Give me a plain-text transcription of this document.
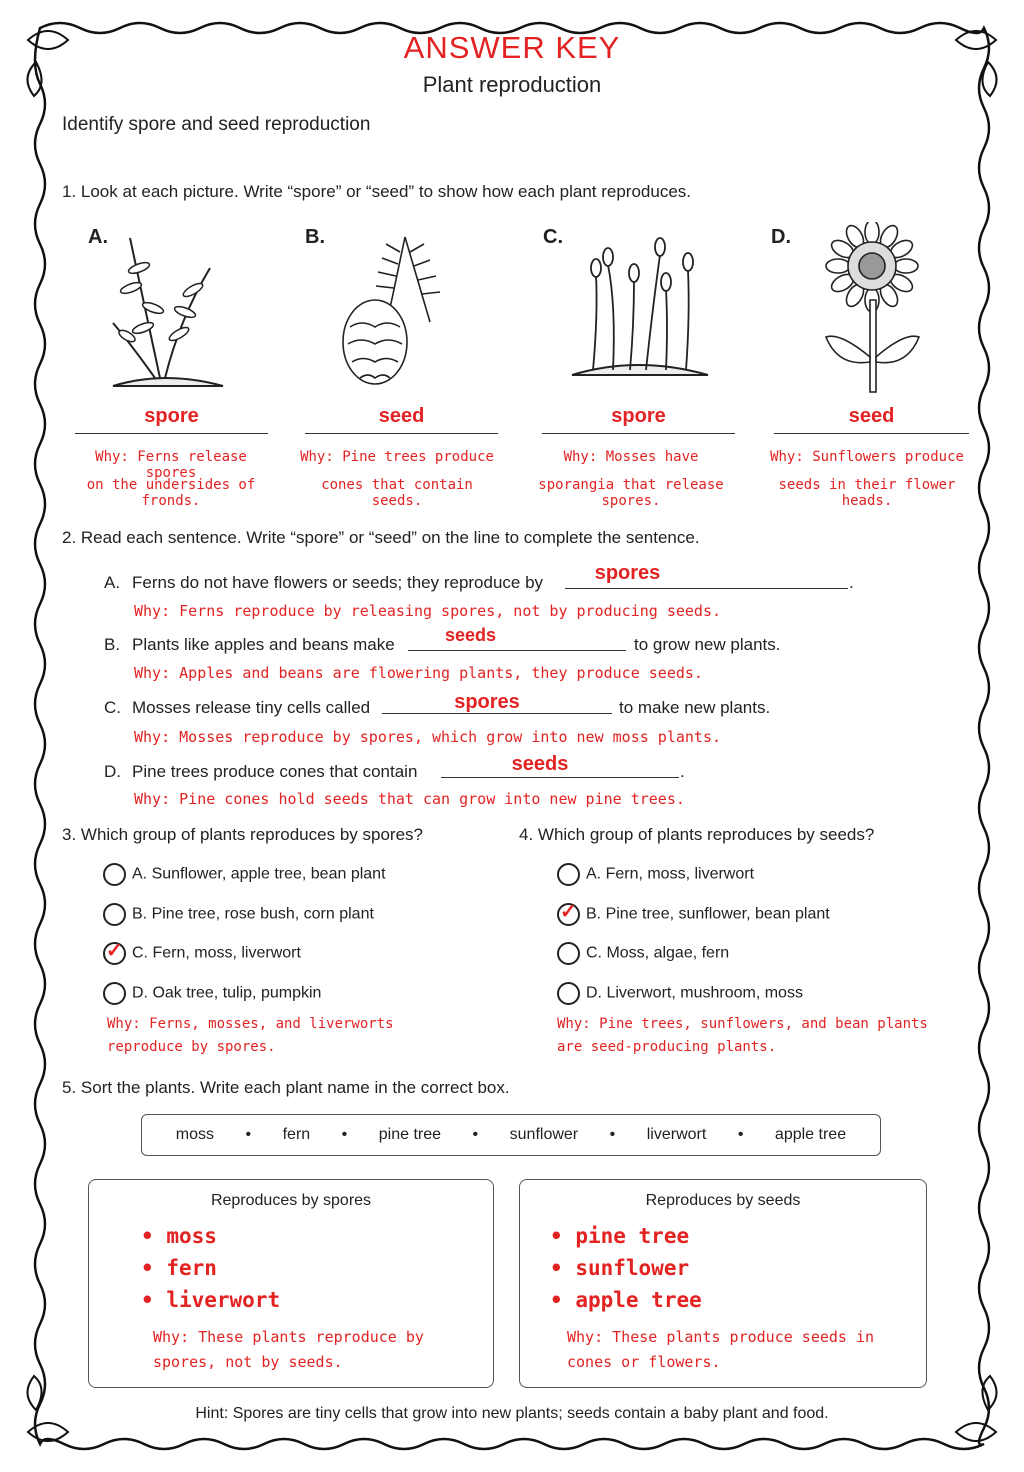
ANSWER KEY
Plant reproduction
Identify spore and seed reproduction
1. Look at each picture. Write “spore” or “seed” to show how each plant reproduces.
A.
spore
Why: Ferns release spores
on the undersides of fronds.
B.
seed
Why: Pine trees produce
cones that contain seeds.
C.
spore
Why: Mosses have
sporangia that release spores.
D.
seed
Why: Sunflowers produce
seeds in their flower heads.
2. Read each sentence. Write “spore” or “seed” on the line to complete the sentence.
A. Ferns do not have flowers or seeds; they reproduce by	spores	.
Why: Ferns reproduce by releasing spores, not by producing seeds.
B. Plants like apples and beans make	seeds	to grow new plants.
Why: Apples and beans are flowering plants, they produce seeds.
C. Mosses release tiny cells called	spores	to make new plants.
Why: Mosses reproduce by spores, which grow into new moss plants.
D. Pine trees produce cones that contain	seeds	.
Why: Pine cones hold seeds that can grow into new pine trees.
3. Which group of plants reproduces by spores?
A. Sunflower, apple tree, bean plant
B. Pine tree, rose bush, corn plant
✓ C. Fern, moss, liverwort
D. Oak tree, tulip, pumpkin
Why: Ferns, mosses, and liverworts
reproduce by spores.
4. Which group of plants reproduces by seeds?
A. Fern, moss, liverwort
✓ B. Pine tree, sunflower, bean plant
C. Moss, algae, fern
D. Liverwort, mushroom, moss
Why: Pine trees, sunflowers, and bean plants
are seed-producing plants.
5. Sort the plants. Write each plant name in the correct box.
moss • fern • pine tree • sunflower • liverwort • apple tree
Reproduces by spores
• moss
• fern
• liverwort
Why: These plants reproduce by
spores, not by seeds.
Reproduces by seeds
• pine tree
• sunflower
• apple tree
Why: These plants produce seeds in
cones or flowers.
Hint: Spores are tiny cells that grow into new plants; seeds contain a baby plant and food.
